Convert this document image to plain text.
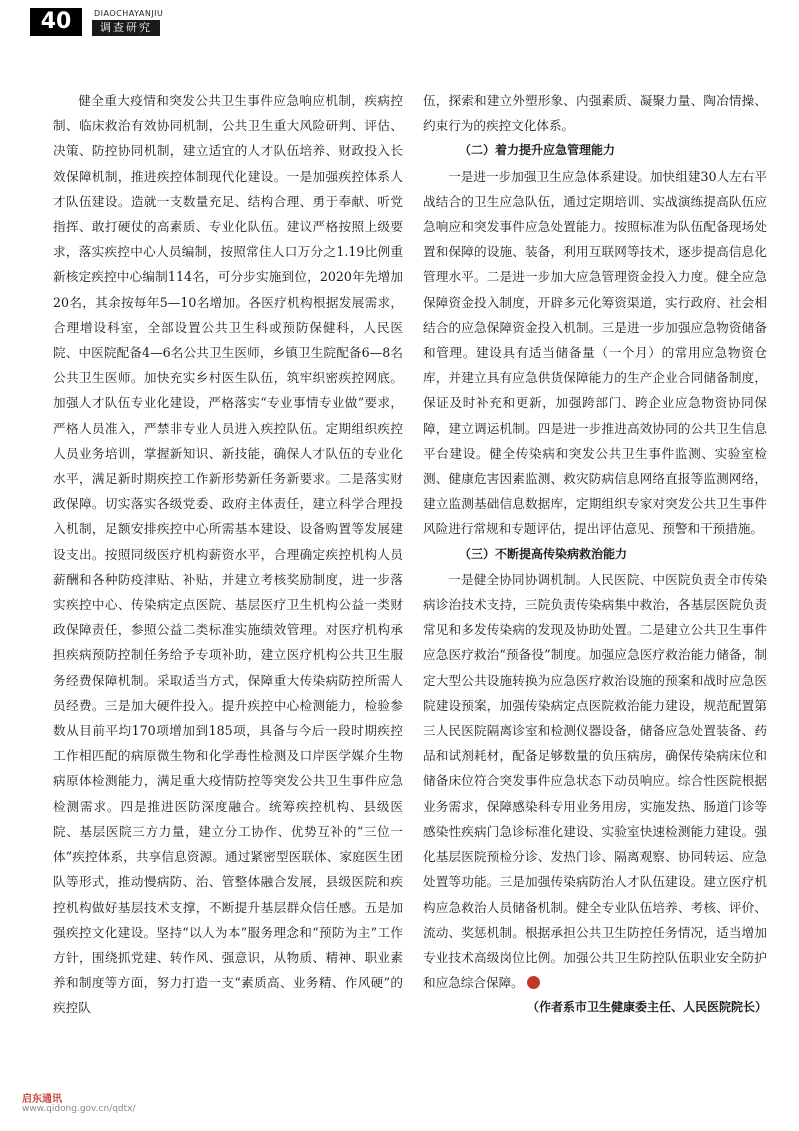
40	DIAOCHAYANJIU
调查研究

健全重大疫情和突发公共卫生事件应急响应机制，疾病控制、临床救治有效协同机制，公共卫生重大风险研判、评估、决策、防控协同机制，建立适宜的人才队伍培养、财政投入长效保障机制，推进疾控体制现代化建设。一是加强疾控体系人才队伍建设。造就一支数量充足、结构合理、勇于奉献、听党指挥、敢打硬仗的高素质、专业化队伍。建议严格按照上级要求，落实疾控中心人员编制，按照常住人口万分之1.19比例重新核定疾控中心编制114名，可分步实施到位，2020年先增加20名，其余按每年5—10名增加。各医疗机构根据发展需求，合理增设科室，全部设置公共卫生科或预防保健科，人民医院、中医院配备4—6名公共卫生医师，乡镇卫生院配备6—8名公共卫生医师。加快充实乡村医生队伍，筑牢织密疾控网底。加强人才队伍专业化建设，严格落实“专业事情专业做”要求，严格人员准入，严禁非专业人员进入疾控队伍。定期组织疾控人员业务培训，掌握新知识、新技能，确保人才队伍的专业化水平，满足新时期疾控工作新形势新任务新要求。二是落实财政保障。切实落实各级党委、政府主体责任，建立科学合理投入机制，足额安排疾控中心所需基本建设、设备购置等发展建设支出。按照同级医疗机构薪资水平，合理确定疾控机构人员薪酬和各种防疫津贴、补贴，并建立考核奖励制度，进一步落实疾控中心、传染病定点医院、基层医疗卫生机构公益一类财政保障责任，参照公益二类标准实施绩效管理。对医疗机构承担疾病预防控制任务给予专项补助，建立医疗机构公共卫生服务经费保障机制。采取适当方式，保障重大传染病防控所需人员经费。三是加大硬件投入。提升疾控中心检测能力，检验参数从目前平均170项增加到185项，具备与今后一段时期疾控工作相匹配的病原微生物和化学毒性检测及口岸医学媒介生物病原体检测能力，满足重大疫情防控等突发公共卫生事件应急检测需求。四是推进医防深度融合。统筹疾控机构、县级医院、基层医院三方力量，建立分工协作、优势互补的“三位一体”疾控体系，共享信息资源。通过紧密型医联体、家庭医生团队等形式，推动慢病防、治、管整体融合发展，县级医院和疾控机构做好基层技术支撑，不断提升基层群众信任感。五是加强疾控文化建设。坚持“以人为本”服务理念和“预防为主”工作方针，围绕抓党建、转作风、强意识，从物质、精神、职业素养和制度等方面，努力打造一支“素质高、业务精、作风硬”的疾控队

伍，探索和建立外塑形象、内强素质、凝聚力量、陶冶情操、约束行为的疾控文化体系。

（二）着力提升应急管理能力

一是进一步加强卫生应急体系建设。加快组建30人左右平战结合的卫生应急队伍，通过定期培训、实战演练提高队伍应急响应和突发事件应急处置能力。按照标准为队伍配备现场处置和保障的设施、装备，利用互联网等技术，逐步提高信息化管理水平。二是进一步加大应急管理资金投入力度。健全应急保障资金投入制度，开辟多元化筹资渠道，实行政府、社会相结合的应急保障资金投入机制。三是进一步加强应急物资储备和管理。建设具有适当储备量（一个月）的常用应急物资仓库，并建立具有应急供货保障能力的生产企业合同储备制度，保证及时补充和更新，加强跨部门、跨企业应急物资协同保障，建立调运机制。四是进一步推进高效协同的公共卫生信息平台建设。健全传染病和突发公共卫生事件监测、实验室检测、健康危害因素监测、救灾防病信息网络直报等监测网络，建立监测基础信息数据库，定期组织专家对突发公共卫生事件风险进行常规和专题评估，提出评估意见、预警和干预措施。

（三）不断提高传染病救治能力

一是健全协同协调机制。人民医院、中医院负责全市传染病诊治技术支持，三院负责传染病集中救治，各基层医院负责常见和多发传染病的发现及协助处置。二是建立公共卫生事件应急医疗救治“预备役”制度。加强应急医疗救治能力储备，制定大型公共设施转换为应急医疗救治设施的预案和战时应急医院建设预案，加强传染病定点医院救治能力建设，规范配置第三人民医院隔离诊室和检测仪器设备，储备应急处置装备、药品和试剂耗材，配备足够数量的负压病房，确保传染病床位和储备床位符合突发事件应急状态下动员响应。综合性医院根据业务需求，保障感染科专用业务用房，实施发热、肠道门诊等感染性疾病门急诊标准化建设、实验室快速检测能力建设。强化基层医院预检分诊、发热门诊、隔离观察、协同转运、应急处置等功能。三是加强传染病防治人才队伍建设。建立医疗机构应急救治人员储备机制。健全专业队伍培养、考核、评价、流动、奖惩机制。根据承担公共卫生防控任务情况，适当增加专业技术高级岗位比例。加强公共卫生防控队伍职业安全防护和应急综合保障。

（作者系市卫生健康委主任、人民医院院长）

启东通讯
www.qidong.gov.cn/qdtx/
